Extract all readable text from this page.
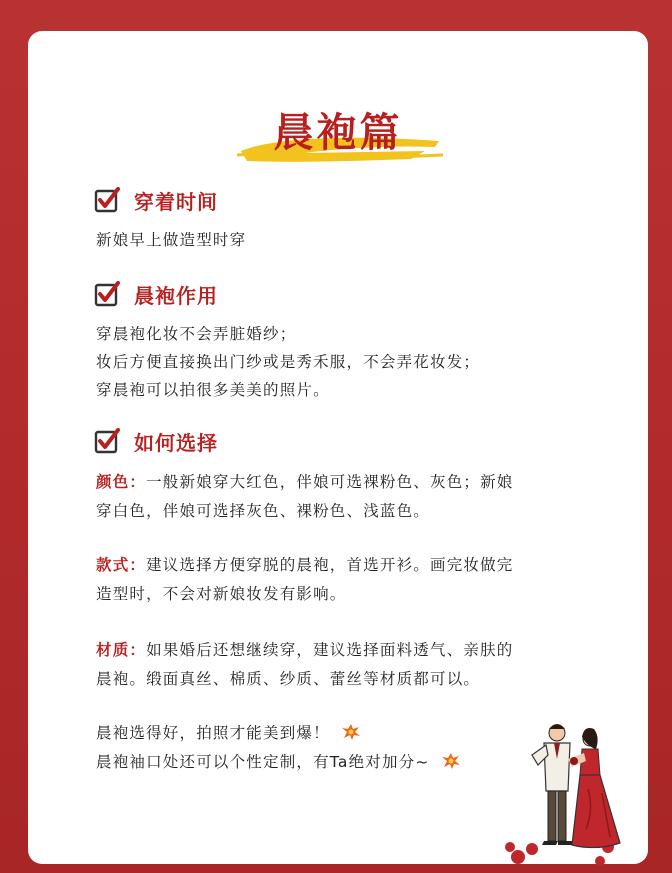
晨袍篇
穿着时间
新娘早上做造型时穿
晨袍作用
穿晨袍化妆不会弄脏婚纱；
妆后方便直接换出门纱或是秀禾服，不会弄花妆发；
穿晨袍可以拍很多美美的照片。
如何选择
颜色：一般新娘穿大红色，伴娘可选裸粉色、灰色；新娘
穿白色，伴娘可选择灰色、裸粉色、浅蓝色。
款式：建议选择方便穿脱的晨袍，首选开衫。画完妆做完
造型时，不会对新娘妆发有影响。
材质：如果婚后还想继续穿，建议选择面料透气、亲肤的
晨袍。缎面真丝、棉质、纱质、蕾丝等材质都可以。
晨袍选得好，拍照才能美到爆！
晨袍袖口处还可以个性定制，有Ta绝对加分~
